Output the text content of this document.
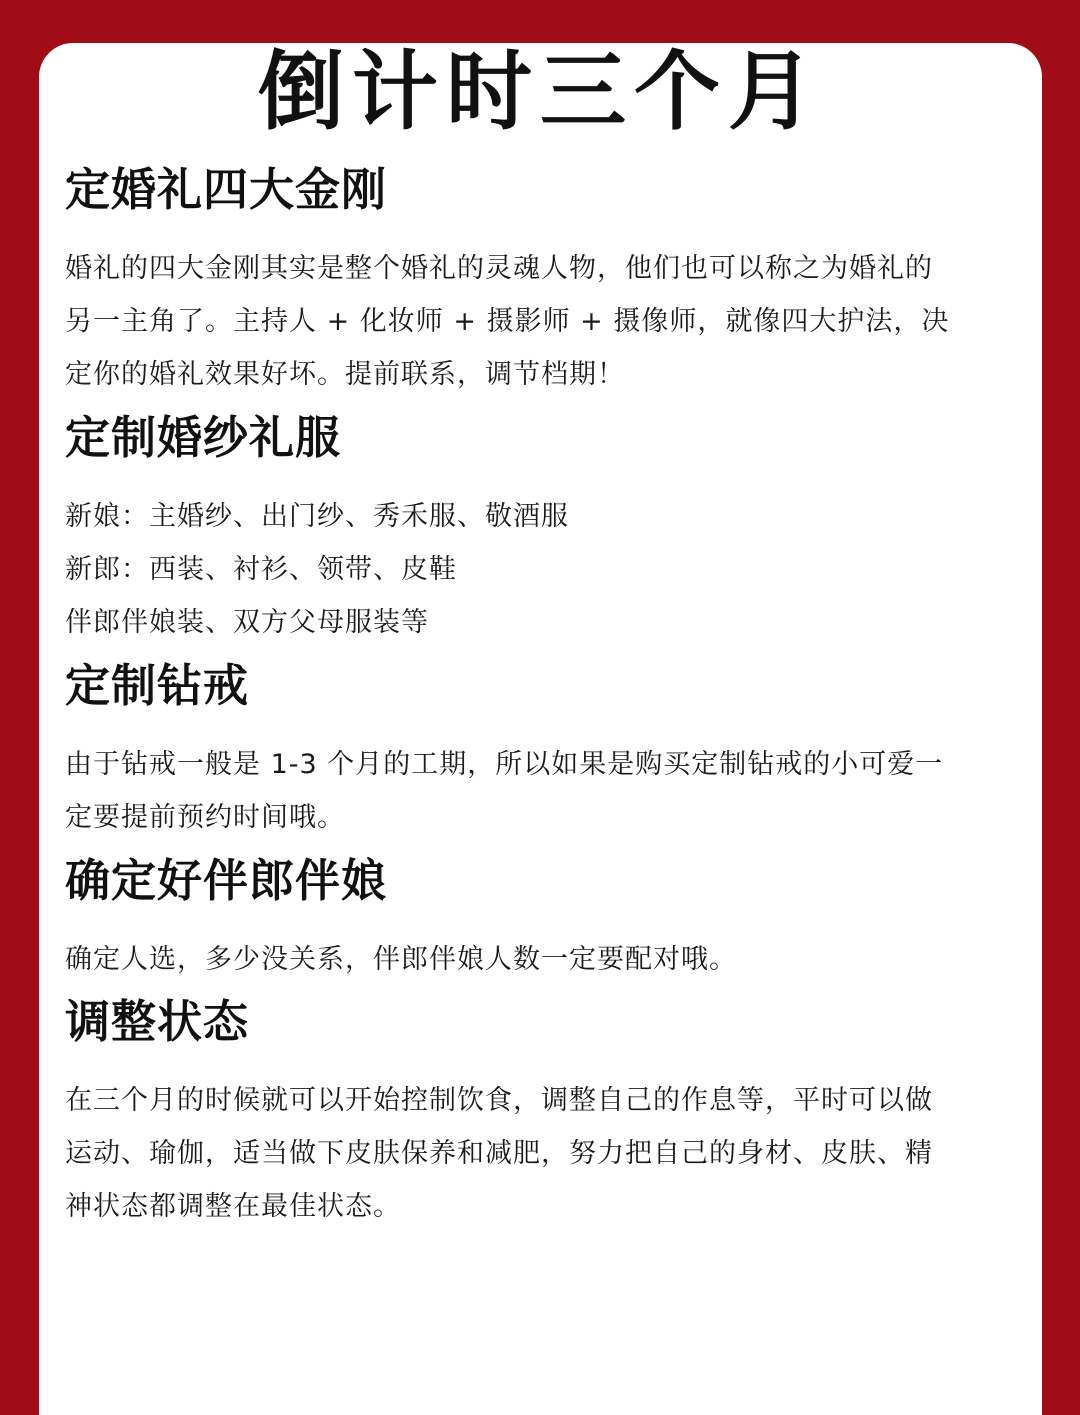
倒计时三个月
定婚礼四大金刚

婚礼的四大金刚其实是整个婚礼的灵魂人物，他们也可以称之为婚礼的
另一主角了。主持人 + 化妆师 + 摄影师 + 摄像师，就像四大护法，决
定你的婚礼效果好坏。提前联系，调节档期！

定制婚纱礼服

新娘：主婚纱、出门纱、秀禾服、敬酒服
新郎：西装、衬衫、领带、皮鞋
伴郎伴娘装、双方父母服装等

定制钻戒

由于钻戒一般是 1-3 个月的工期，所以如果是购买定制钻戒的小可爱一
定要提前预约时间哦。

确定好伴郎伴娘

确定人选，多少没关系，伴郎伴娘人数一定要配对哦。

调整状态

在三个月的时候就可以开始控制饮食，调整自己的作息等，平时可以做
运动、瑜伽，适当做下皮肤保养和减肥，努力把自己的身材、皮肤、精
神状态都调整在最佳状态。
